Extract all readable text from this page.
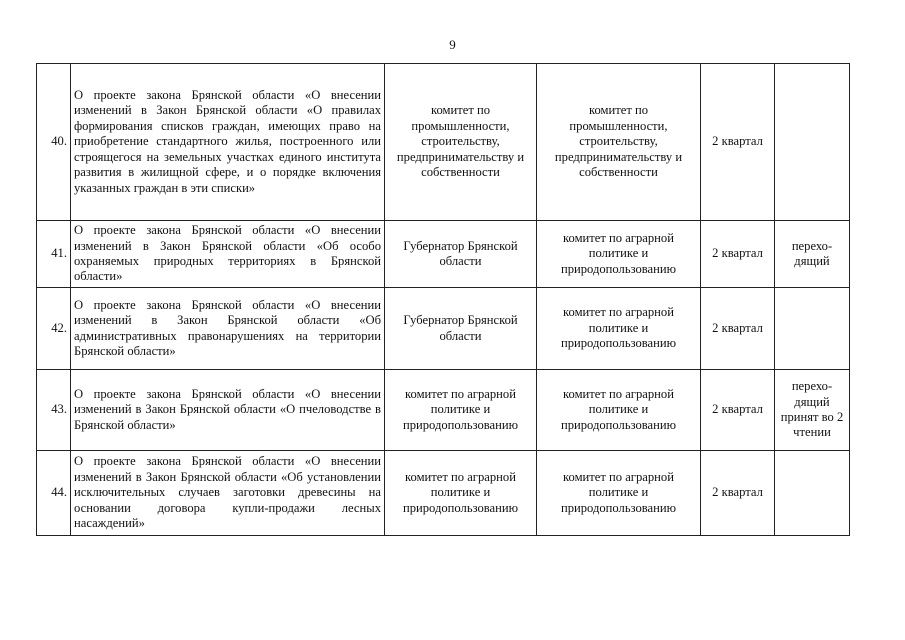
9
40.	О проекте закона Брянской области «О внесении изменений в Закон Брянской области «О правилах формирования списков граждан, имеющих право на приобретение стандартного жилья, построенного или строящегося на земельных участках единого института развития в жилищной сфере, и о порядке включения указанных граждан в эти списки»	комитет по промышленности, строительству, предпринимательству и собственности	комитет по промышленности, строительству, предпринимательству и собственности	2 квартал	
41.	О проекте закона Брянской области «О внесении изменений в Закон Брянской области «Об особо охраняемых природных территориях в Брянской области»	Губернатор Брянской области	комитет по аграрной политике и природопользованию	2 квартал	перехо-дящий
42.	О проекте закона Брянской области «О внесении изменений в Закон Брянской области «Об административных правонарушениях на территории Брянской области»	Губернатор Брянской области	комитет по аграрной политике и природопользованию	2 квартал	
43.	О проекте закона Брянской области «О внесении изменений в Закон Брянской области «О пчеловодстве в Брянской области»	комитет по аграрной политике и природопользованию	комитет по аграрной политике и природопользованию	2 квартал	перехо-дящий принят во 2 чтении
44.	О проекте закона Брянской области «О внесении изменений в Закон Брянской области «Об установлении исключительных случаев заготовки древесины на основании договора купли-продажи лесных насаждений»	комитет по аграрной политике и природопользованию	комитет по аграрной политике и природопользованию	2 квартал	
